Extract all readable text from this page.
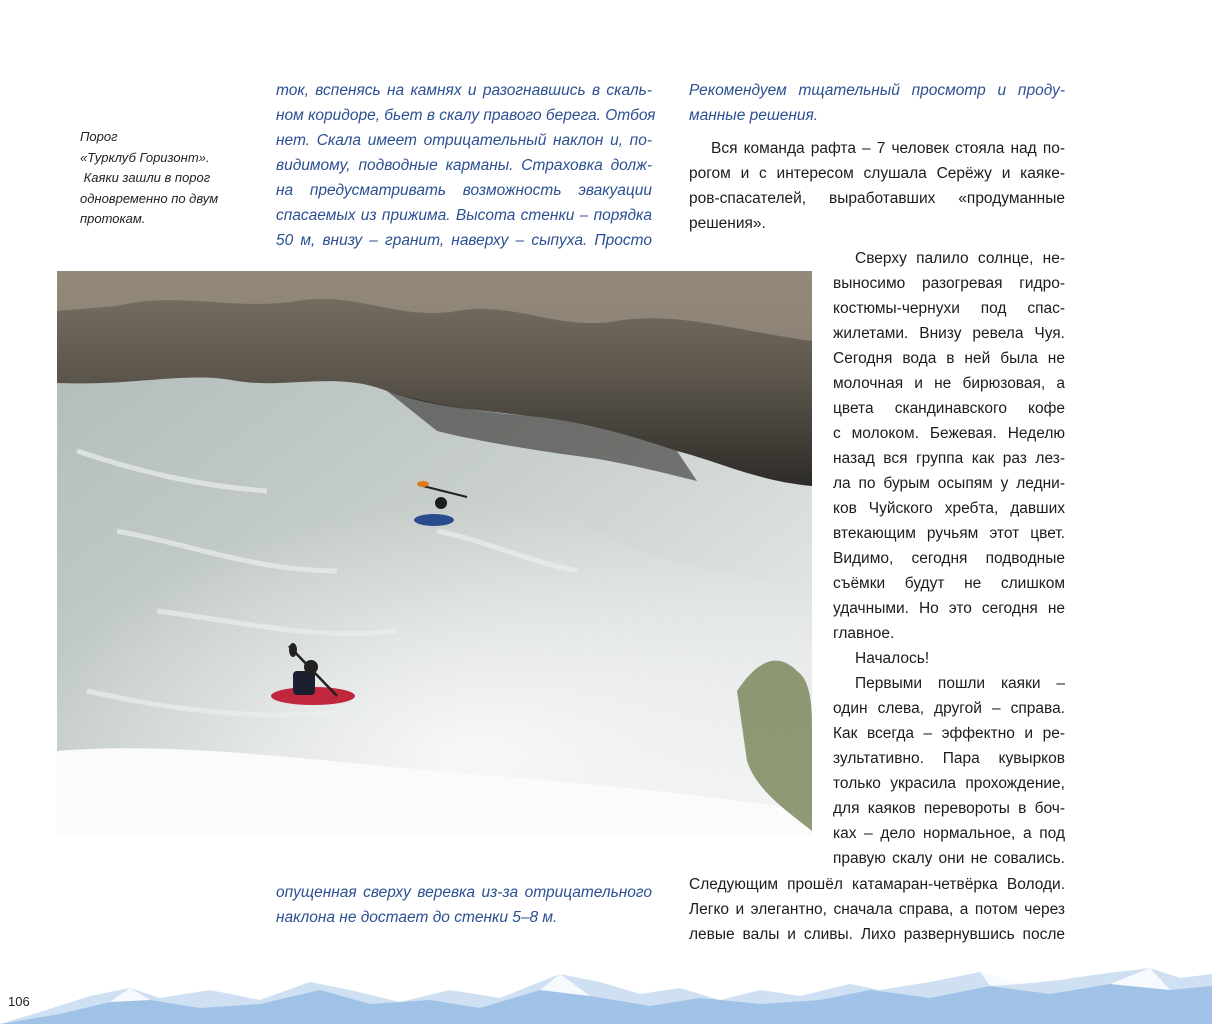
Порог
«Турклуб Горизонт».
Каяки зашли в порог
одновременно по двум
протокам.
ток, вспенясь на камнях и разогнавшись в скаль-
ном коридоре, бьет в скалу правого берега. Отбоя
нет. Скала имеет отрицательный наклон и, по-
видимому, подводные карманы. Страховка долж-
на предусматривать возможность эвакуации
спасаемых из прижима. Высота стенки – порядка
50 м, внизу – гранит, наверху – сыпуха. Просто
Рекомендуем тщательный просмотр и проду-
манные решения.
Вся команда рафта – 7 человек стояла над по-
рогом и с интересом слушала Серёжу и каяке-
ров-спасателей, выработавших «продуманные
решения».
Сверху палило солнце, не-
выносимо разогревая гидро-
костюмы-чернухи под спас-
жилетами. Внизу ревела Чуя.
Сегодня вода в ней была не
молочная и не бирюзовая, а
цвета скандинавского кофе
с молоком. Бежевая. Неделю
назад вся группа как раз лез-
ла по бурым осыпям у ледни-
ков Чуйского хребта, давших
втекающим ручьям этот цвет.
Видимо, сегодня подводные
съёмки будут не слишком
удачными. Но это сегодня не
главное.
Началось!
Первыми пошли каяки –
один слева, другой – справа.
Как всегда – эффектно и ре-
зультативно. Пара кувырков
только украсила прохождение,
для каяков перевороты в боч-
ках – дело нормальное, а под
правую скалу они не совались.
опущенная сверху веревка из-за отрицательного
наклона не достает до стенки 5–8 м.
Следующим прошёл катамаран-четвёрка Володи.
Легко и элегантно, сначала справа, а потом через
левые валы и сливы. Лихо развернувшись после
106
